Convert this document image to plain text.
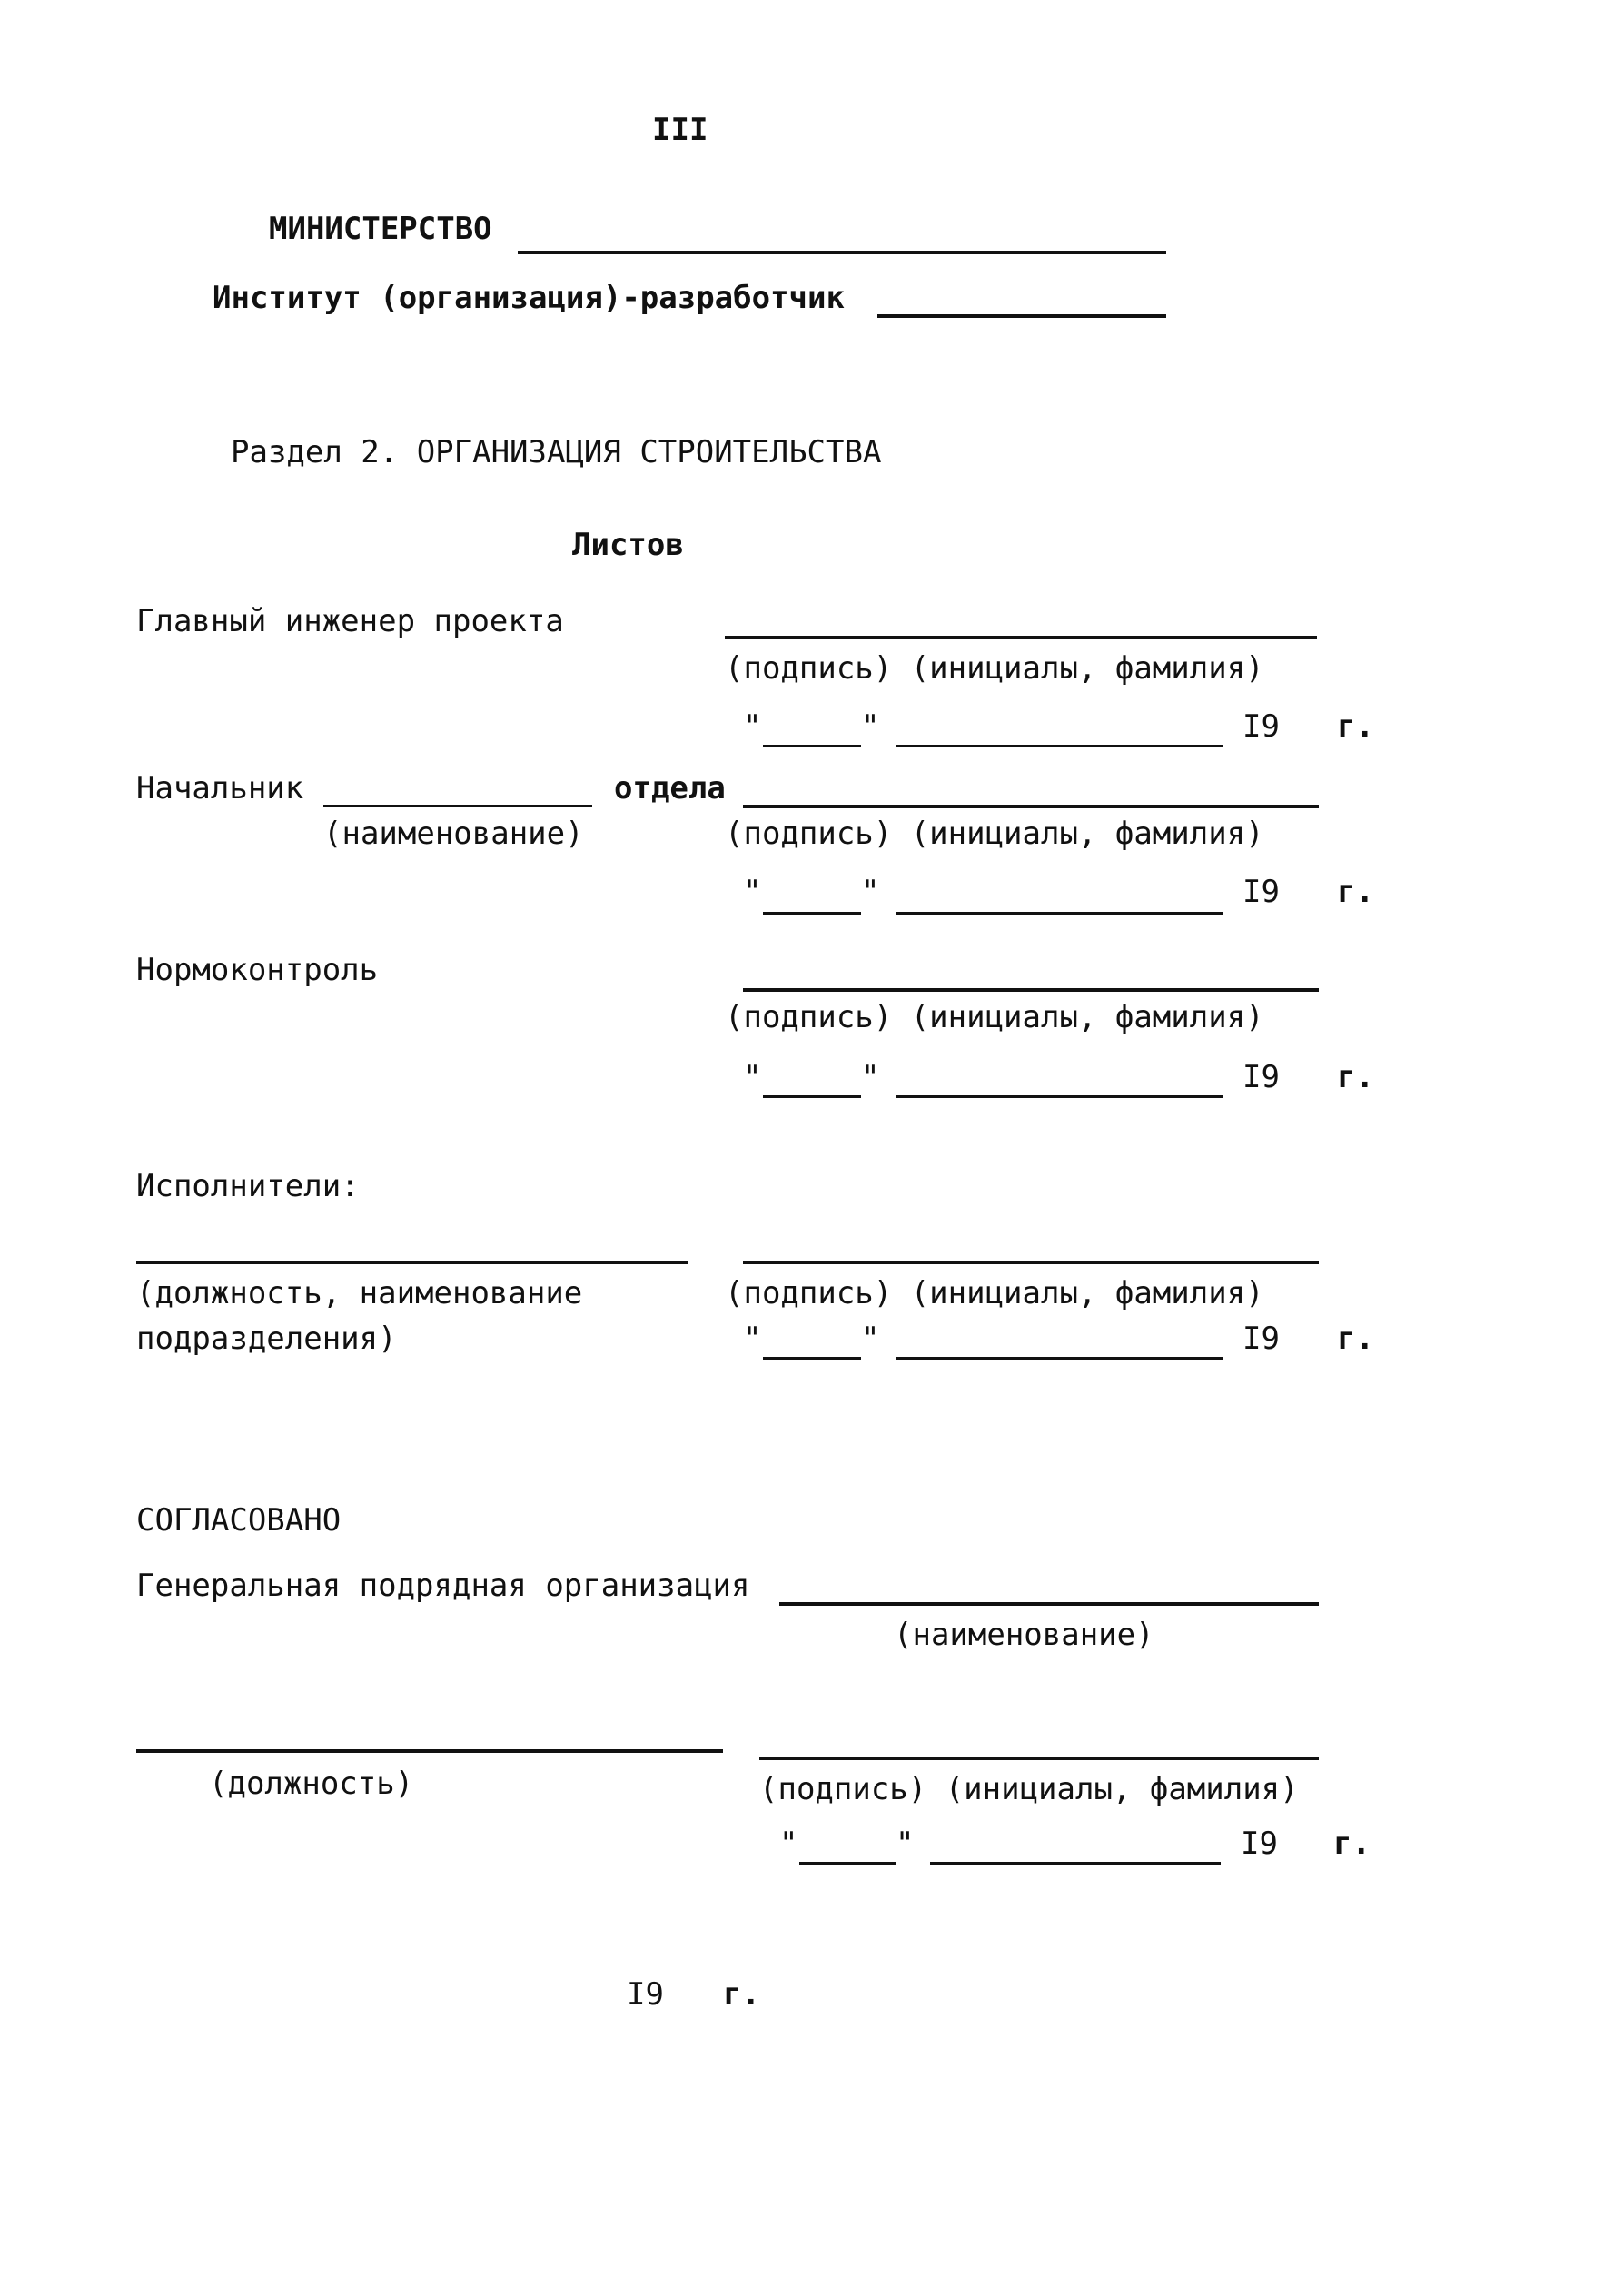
III
МИНИСТЕРСТВО
Институт (организация)-разработчик
Раздел 2. ОРГАНИЗАЦИЯ СТРОИТЕЛЬСТВА
Листов
Главный инженер проекта
(подпись) (инициалы, фамилия)
"	"	I9 г.
Начальник	отдела
(наименование)	(подпись) (инициалы, фамилия)
"	"	I9 г.
Нормоконтроль
(подпись) (инициалы, фамилия)
"	"	I9 г.
Исполнители:
(должность, наименование
подразделения)
(подпись) (инициалы, фамилия)
"	"	I9 г.
СОГЛАСОВАНО
Генеральная подрядная организация
(наименование)
(должность)	(подпись) (инициалы, фамилия)
"	"	I9 г.
I9 г.
